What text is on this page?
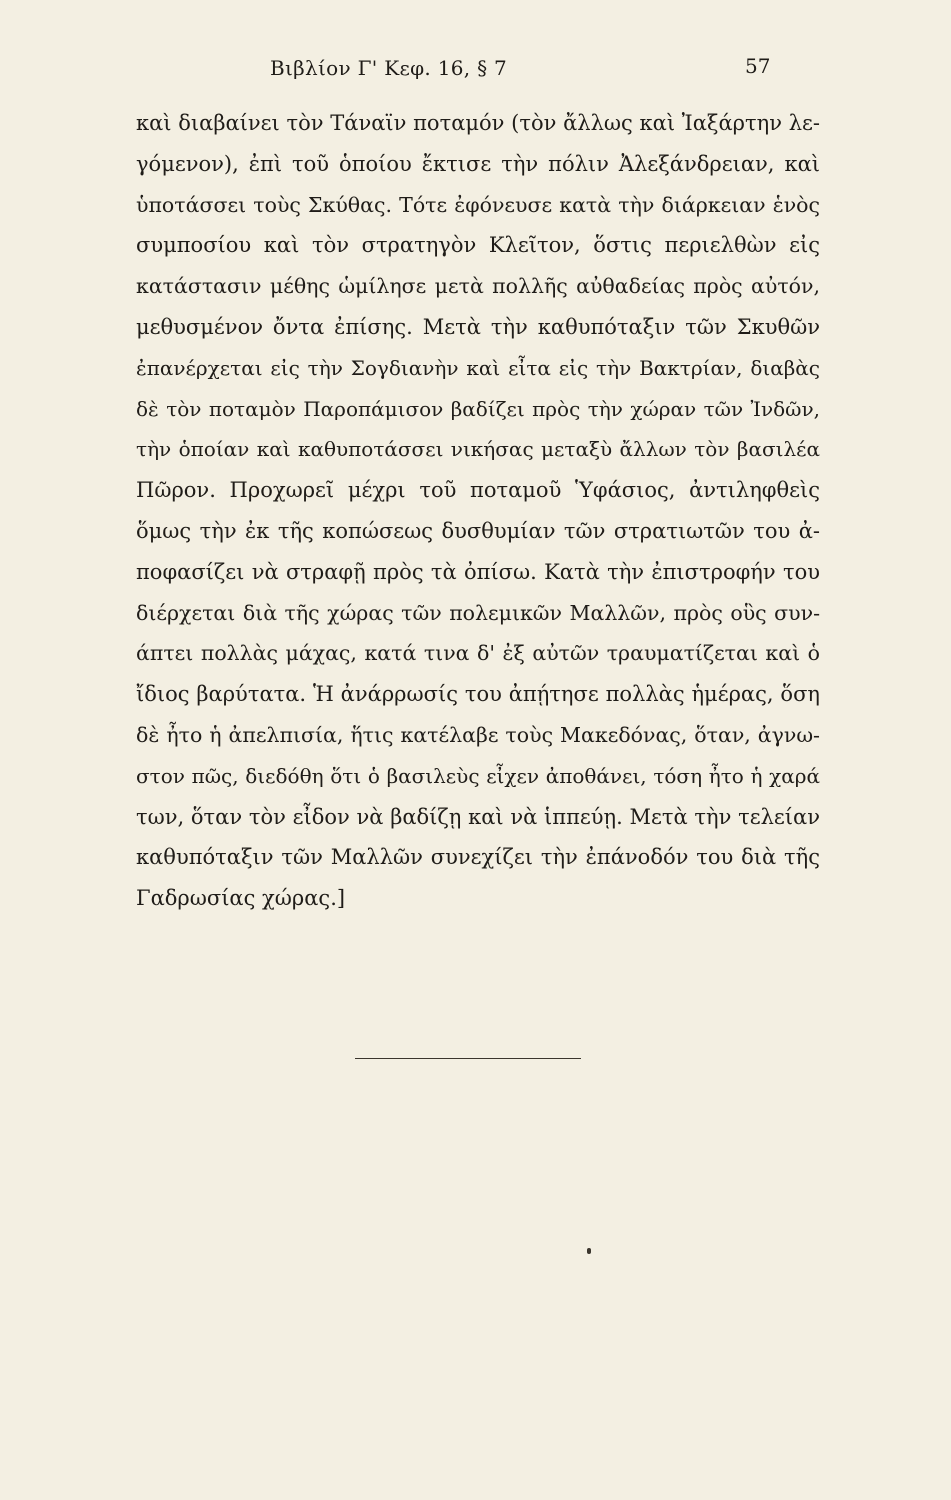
Βιβλίον Γ' Κεφ. 16, § 7	57
καὶ διαβαίνει τὸν Τάναϊν ποταμόν (τὸν ἄλλως καὶ Ἰαξάρτην λε-
γόμενον), ἐπὶ τοῦ ὁποίου ἔκτισε τὴν πόλιν Ἀλεξάνδρειαν, καὶ
ὑποτάσσει τοὺς Σκύθας. Τότε ἐφόνευσε κατὰ τὴν διάρκειαν ἑνὸς
συμποσίου καὶ τὸν στρατηγὸν Κλεῖτον, ὅστις περιελθὼν εἰς
κατάστασιν μέθης ὡμίλησε μετὰ πολλῆς αὐθαδείας πρὸς αὐτόν,
μεθυσμένον ὄντα ἐπίσης. Μετὰ τὴν καθυπόταξιν τῶν Σκυθῶν
ἐπανέρχεται εἰς τὴν Σογδιανὴν καὶ εἶτα εἰς τὴν Βακτρίαν, διαβὰς
δὲ τὸν ποταμὸν Παροπάμισον βαδίζει πρὸς τὴν χώραν τῶν Ἰνδῶν,
τὴν ὁποίαν καὶ καθυποτάσσει νικήσας μεταξὺ ἄλλων τὸν βασιλέα
Πῶρον. Προχωρεῖ μέχρι τοῦ ποταμοῦ Ὑφάσιος, ἀντιληφθεὶς
ὅμως τὴν ἐκ τῆς κοπώσεως δυσθυμίαν τῶν στρατιωτῶν του ἀ-
ποφασίζει νὰ στραφῇ πρὸς τὰ ὀπίσω. Κατὰ τὴν ἐπιστροφήν του
διέρχεται διὰ τῆς χώρας τῶν πολεμικῶν Μαλλῶν, πρὸς οὓς συν-
άπτει πολλὰς μάχας, κατά τινα δ' ἐξ αὐτῶν τραυματίζεται καὶ ὁ
ἴδιος βαρύτατα. Ἡ ἀνάρρωσίς του ἀπῄτησε πολλὰς ἡμέρας, ὅση
δὲ ἦτο ἡ ἀπελπισία, ἥτις κατέλαβε τοὺς Μακεδόνας, ὅταν, ἀγνω-
στον πῶς, διεδόθη ὅτι ὁ βασιλεὺς εἶχεν ἀποθάνει, τόση ἦτο ἡ χαρά
των, ὅταν τὸν εἶδον νὰ βαδίζῃ καὶ νὰ ἱππεύῃ. Μετὰ τὴν τελείαν
καθυπόταξιν τῶν Μαλλῶν συνεχίζει τὴν ἐπάνοδόν του διὰ τῆς
Γαδρωσίας χώρας.]
